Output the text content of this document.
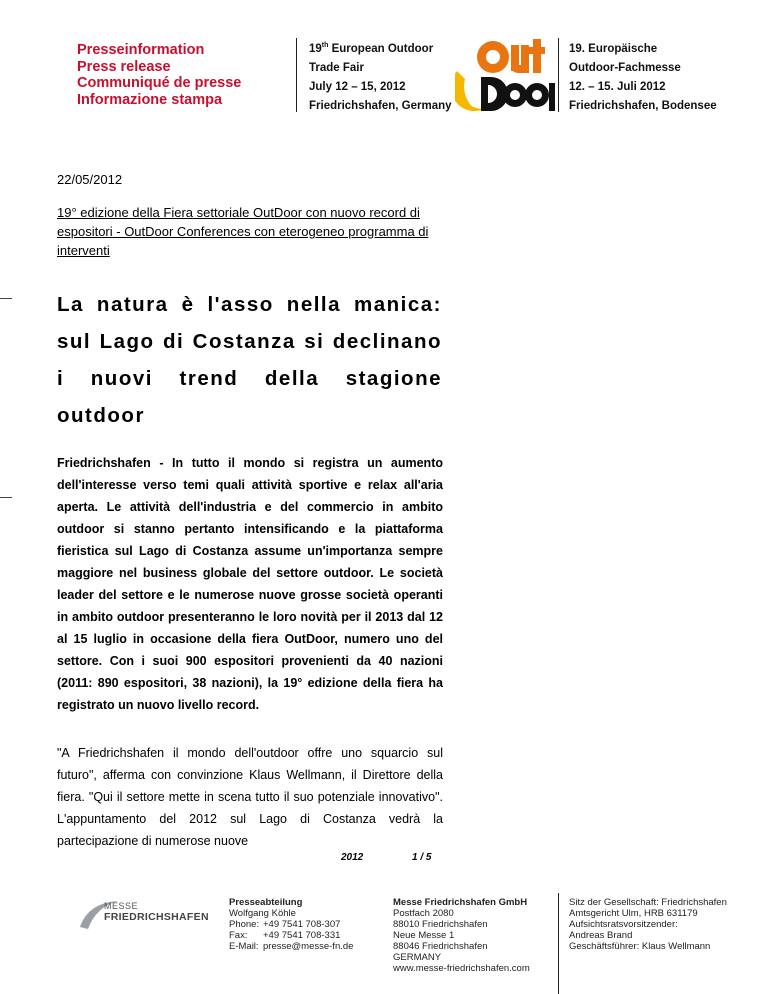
Presseinformation
Press release
Communiqué de presse
Informazione stampa
19th European Outdoor
Trade Fair
July 12 – 15, 2012
Friedrichshafen, Germany
19. Europäische
Outdoor-Fachmesse
12. – 15. Juli 2012
Friedrichshafen, Bodensee
22/05/2012
19° edizione della Fiera settoriale OutDoor con nuovo record di espositori - OutDoor Conferences con eterogeneo programma di interventi
La natura è l'asso nella manica: sul Lago di Costanza si declinano i nuovi trend della stagione outdoor
Friedrichshafen - In tutto il mondo si registra un aumento dell'interesse verso temi quali attività sportive e relax all'aria aperta. Le attività dell'industria e del commercio in ambito outdoor si stanno pertanto intensificando e la piattaforma fieristica sul Lago di Costanza assume un'importanza sempre maggiore nel business globale del settore outdoor. Le società leader del settore e le numerose nuove grosse società operanti in ambito outdoor presenteranno le loro novità per il 2013 dal 12 al 15 luglio in occasione della fiera OutDoor, numero uno del settore. Con i suoi 900 espositori provenienti da 40 nazioni (2011: 890 espositori, 38 nazioni), la 19° edizione della fiera ha registrato un nuovo livello record.
"A Friedrichshafen il mondo dell'outdoor offre uno squarcio sul futuro", afferma con convinzione Klaus Wellmann, il Direttore della fiera. "Qui il settore mette in scena tutto il suo potenziale innovativo". L'appuntamento del 2012 sul Lago di Costanza vedrà la partecipazione di numerose nuove
2012	1 / 5
MESSE
FRIEDRICHSHAFEN
Presseabteilung
Wolfgang Köhle
Phone: +49 7541 708-307
Fax:	+49 7541 708-331
E-Mail: presse@messe-fn.de
Messe Friedrichshafen GmbH
Postfach 2080
88010 Friedrichshafen
Neue Messe 1
88046 Friedrichshafen
GERMANY
www.messe-friedrichshafen.com
Sitz der Gesellschaft: Friedrichshafen
Amtsgericht Ulm, HRB 631179
Aufsichtsratsvorsitzender:
Andreas Brand
Geschäftsführer: Klaus Wellmann
